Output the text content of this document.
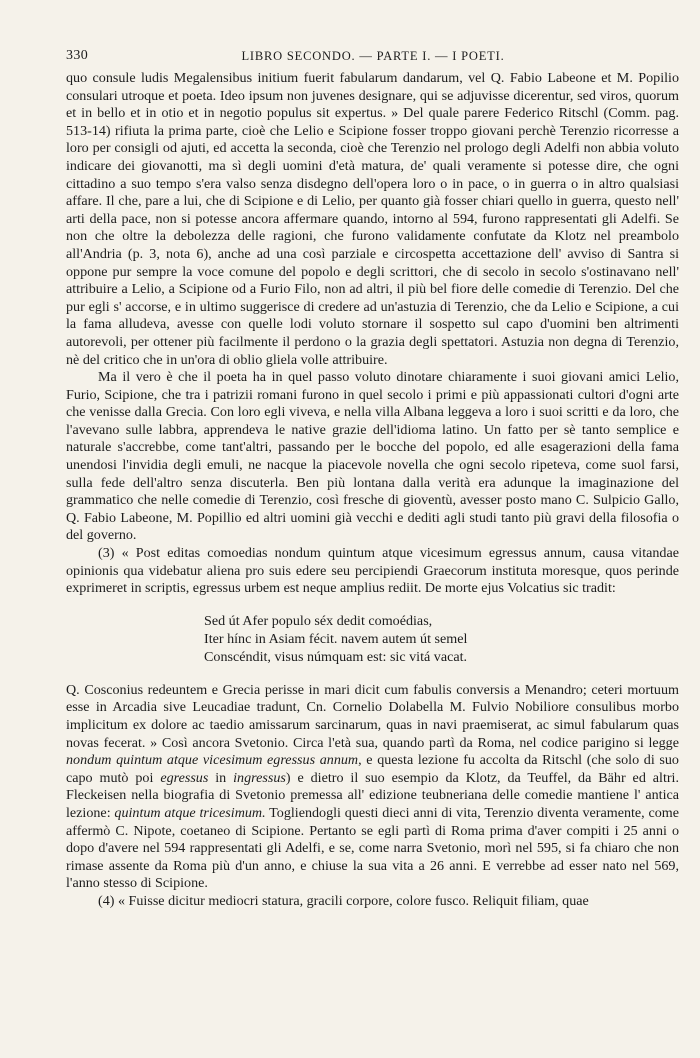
330	LIBRO SECONDO. — PARTE I. — I POETI.

quo consule ludis Megalensibus initium fuerit fabularum dandarum, vel Q. Fabio Labeone et M. Popilio consulari utroque et poeta. Ideo ipsum non juvenes designare, qui se adjuvisse dicerentur, sed viros, quorum et in bello et in otio et in negotio populus sit expertus. » Del quale parere Federico Ritschl (Comm. pag. 513-14) rifiuta la prima parte, cioè che Lelio e Scipione fosser troppo giovani perchè Terenzio ricorresse a loro per consigli od ajuti, ed accetta la seconda, cioè che Terenzio nel prologo degli Adelfi non abbia voluto indicare dei giovanotti, ma sì degli uomini d'età matura, de' quali veramente si potesse dire, che ogni cittadino a suo tempo s'era valso senza disdegno dell'opera loro o in pace, o in guerra o in altro qualsiasi affare. Il che, pare a lui, che di Scipione e di Lelio, per quanto già fosser chiari quello in guerra, questo nell' arti della pace, non si potesse ancora affermare quando, intorno al 594, furono rappresentati gli Adelfi. Se non che oltre la debolezza delle ragioni, che furono validamente confutate da Klotz nel preambolo all'Andria (p. 3, nota 6), anche ad una così parziale e circospetta accettazione dell' avviso di Santra si oppone pur sempre la voce comune del popolo e degli scrittori, che di secolo in secolo s'ostinavano nell' attribuire a Lelio, a Scipione od a Furio Filo, non ad altri, il più bel fiore delle comedie di Terenzio. Del che pur egli s' accorse, e in ultimo suggerisce di credere ad un'astuzia di Terenzio, che da Lelio e Scipione, a cui la fama alludeva, avesse con quelle lodi voluto stornare il sospetto sul capo d'uomini ben altrimenti autorevoli, per ottener più facilmente il perdono o la grazia degli spettatori. Astuzia non degna di Terenzio, nè del critico che in un'ora di oblio gliela volle attribuire.

Ma il vero è che il poeta ha in quel passo voluto dinotare chiaramente i suoi giovani amici Lelio, Furio, Scipione, che tra i patrizii romani furono in quel secolo i primi e più appassionati cultori d'ogni arte che venisse dalla Grecia. Con loro egli viveva, e nella villa Albana leggeva a loro i suoi scritti e da loro, che l'avevano sulle labbra, apprendeva le native grazie dell'idioma latino. Un fatto per sè tanto semplice e naturale s'accrebbe, come tant'altri, passando per le bocche del popolo, ed alle esagerazioni della fama unendosi l'invidia degli emuli, ne nacque la piacevole novella che ogni secolo ripeteva, come suol farsi, sulla fede dell'altro senza discuterla. Ben più lontana dalla verità era adunque la imaginazione del grammatico che nelle comedie di Terenzio, così fresche di gioventù, avesser posto mano C. Sulpicio Gallo, Q. Fabio Labeone, M. Popillio ed altri uomini già vecchi e dediti agli studi tanto più gravi della filosofia o del governo.

(3) « Post editas comoedias nondum quintum atque vicesimum egressus annum, causa vitandae opinionis qua videbatur aliena pro suis edere seu percipiendi Graecorum instituta moresque, quos perinde exprimeret in scriptis, egressus urbem est neque amplius rediit. De morte ejus Volcatius sic tradit:

Sed út Afer populo séx dedit comoédias,
Iter hínc in Asiam fécit. navem autem út semel
Conscéndit, visus númquam est: sic vitá vacat.

Q. Cosconius redeuntem e Grecia perisse in mari dicit cum fabulis conversis a Menandro; ceteri mortuum esse in Arcadia sive Leucadiae tradunt, Cn. Cornelio Dolabella M. Fulvio Nobiliore consulibus morbo implicitum ex dolore ac taedio amissarum sarcinarum, quas in navi praemiserat, ac simul fabularum quas novas fecerat. » Così ancora Svetonio. Circa l'età sua, quando partì da Roma, nel codice parigino si legge nondum quintum atque vicesimum egressus annum, e questa lezione fu accolta da Ritschl (che solo di suo capo mutò poi egressus in ingressus) e dietro il suo esempio da Klotz, da Teuffel, da Bähr ed altri. Fleckeisen nella biografia di Svetonio premessa all' edizione teubneriana delle comedie mantiene l' antica lezione: quintum atque tricesimum. Togliendogli questi dieci anni di vita, Terenzio diventa veramente, come affermò C. Nipote, coetaneo di Scipione. Pertanto se egli partì di Roma prima d'aver compiti i 25 anni o dopo d'avere nel 594 rappresentati gli Adelfi, e se, come narra Svetonio, morì nel 595, si fa chiaro che non rimase assente da Roma più d'un anno, e chiuse la sua vita a 26 anni. E verrebbe ad esser nato nel 569, l'anno stesso di Scipione.

(4) « Fuisse dicitur mediocri statura, gracili corpore, colore fusco. Reliquit filiam, quae
